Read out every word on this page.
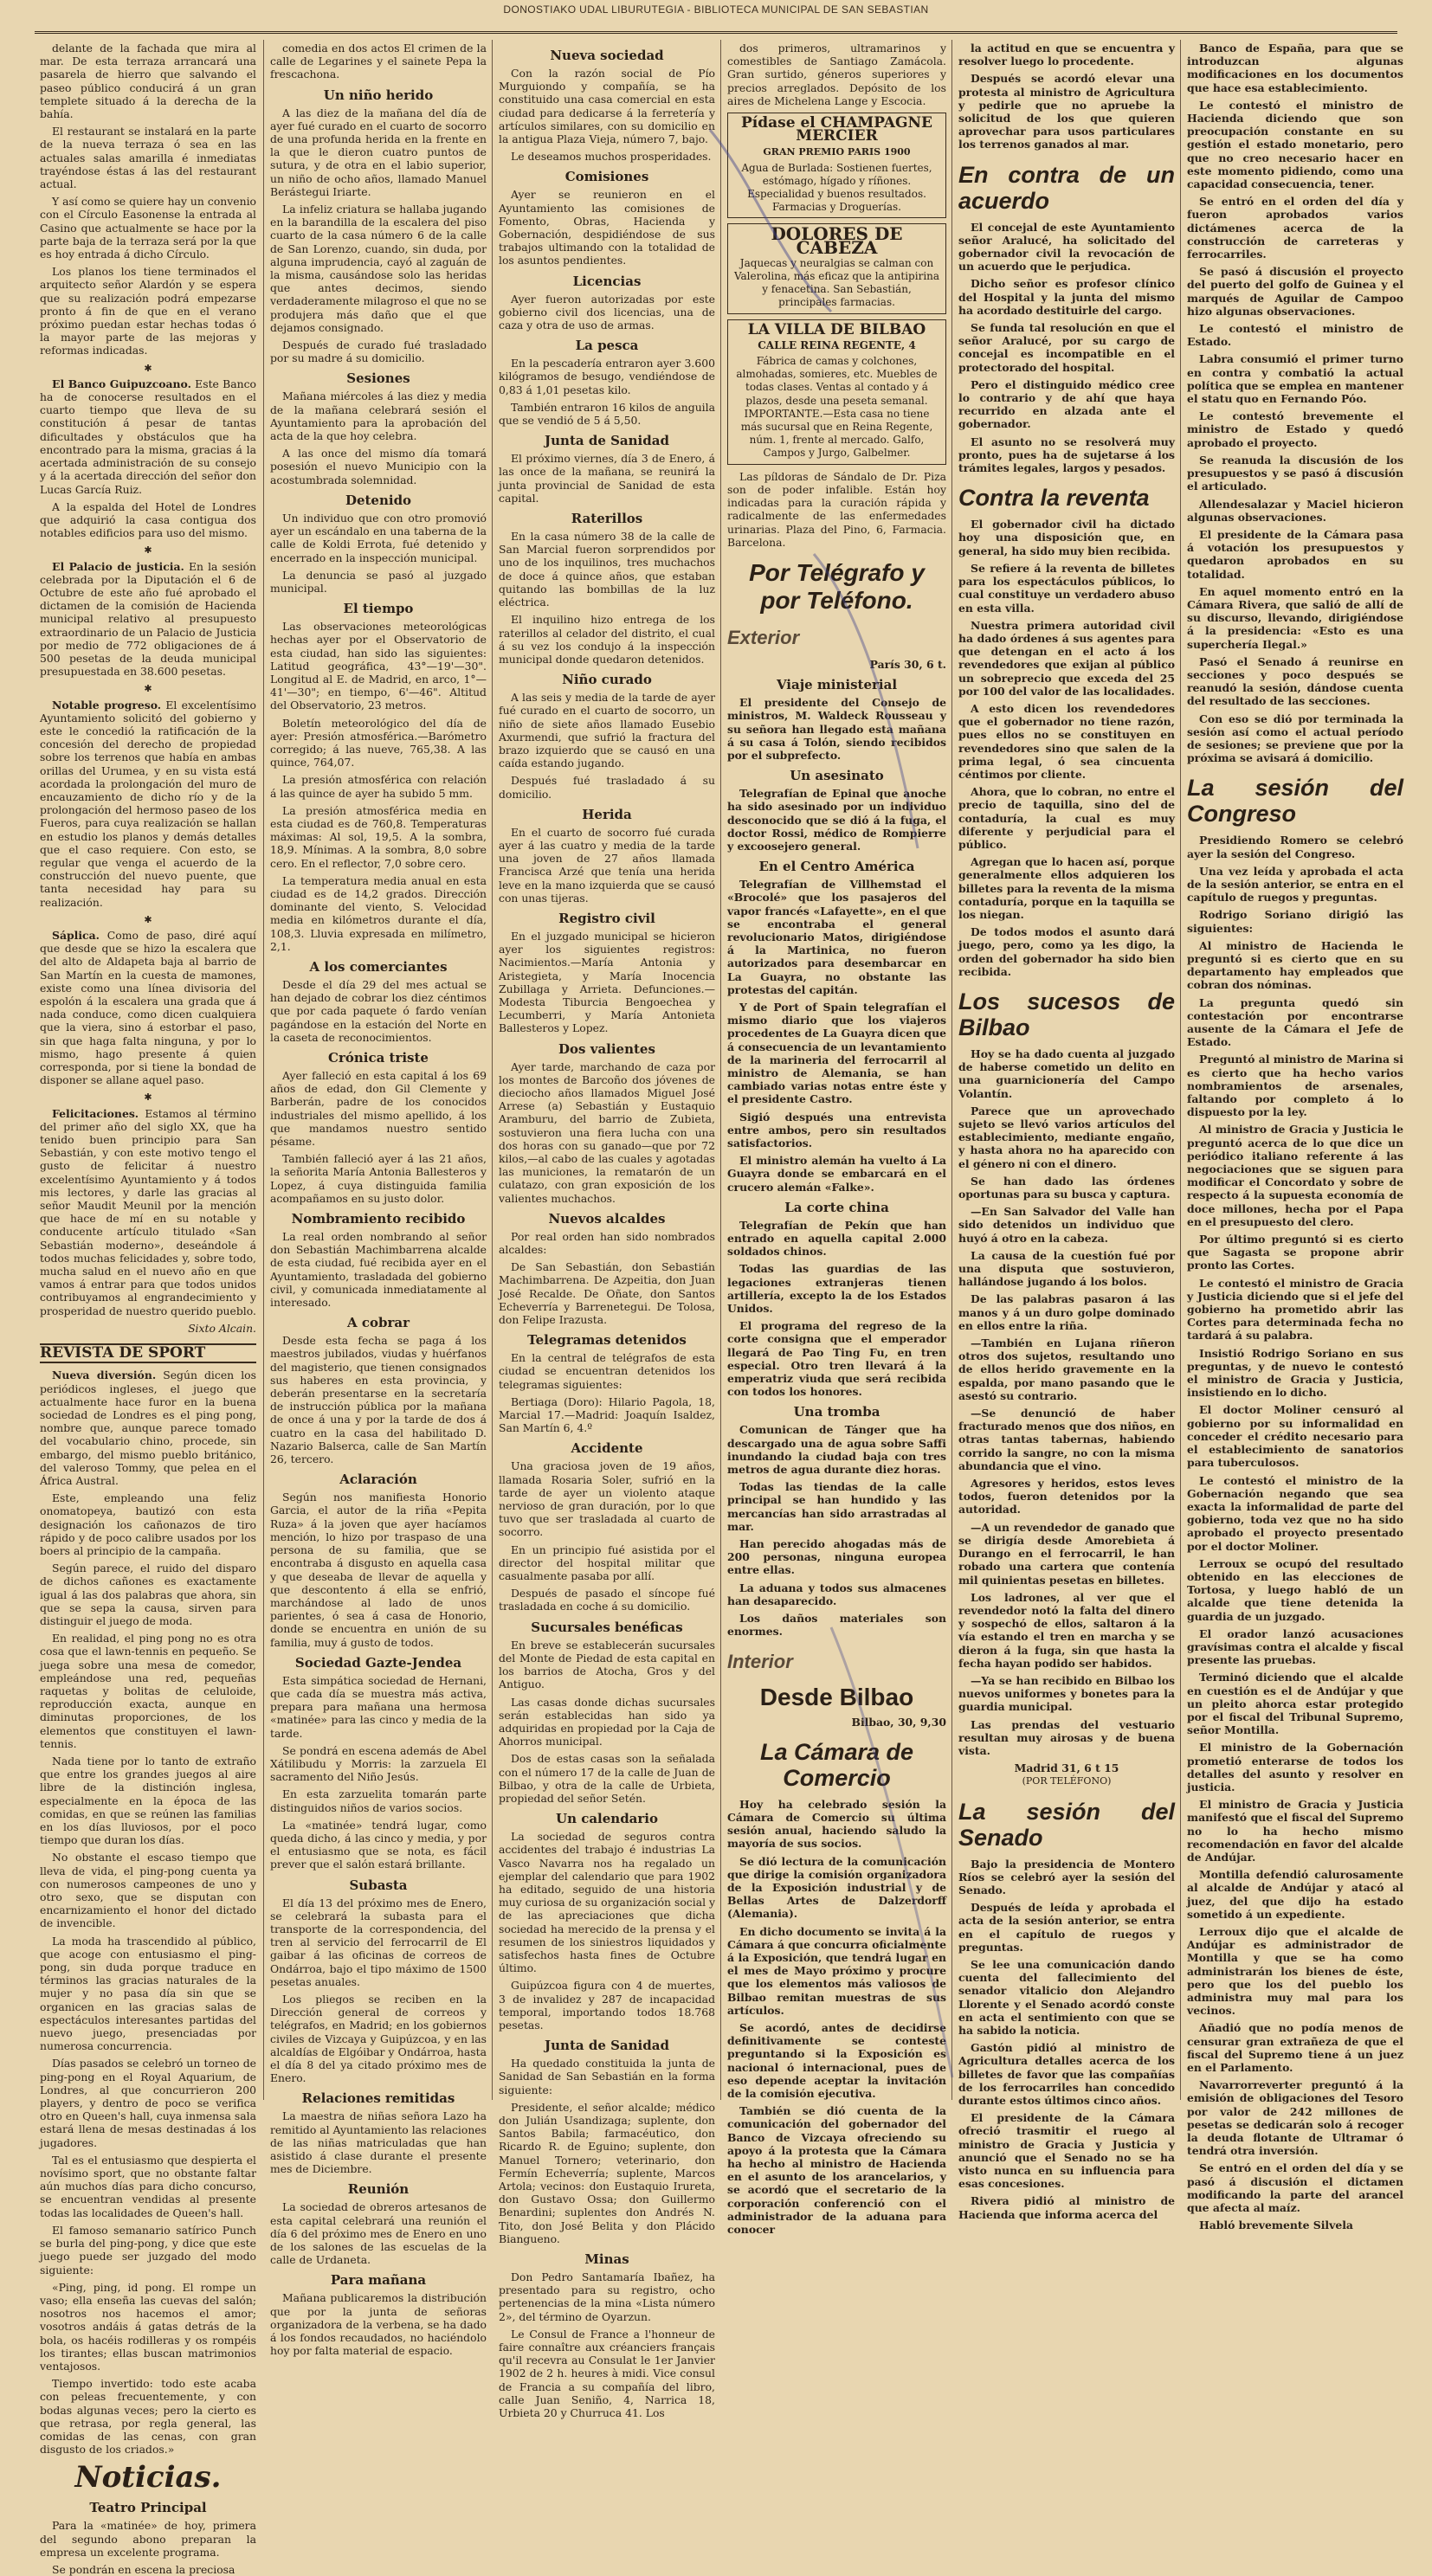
DONOSTIAKO UDAL LIBURUTEGIA - BIBLIOTECA MUNICIPAL DE SAN SEBASTIAN

delante de la fachada que mira al mar. De esta terraza arrancará una pasarela de hierro que salvando el paseo público conducirá á un gran templete situado á la derecha de la bahía.

El restaurant se instalará en la parte de la nueva terraza ó sea en las actuales salas amarilla é inmediatas trayéndose éstas á las del restaurant actual.

Y así como se quiere hay un convenio con el Círculo Easonense la entrada al Casino que actualmente se hace por la parte baja de la terraza será por la que es hoy entrada á dicho Círculo.

Los planos los tiene terminados el arquitecto señor Alardón y se espera que su realización podrá empezarse pronto á fin de que en el verano próximo puedan estar hechas todas ó la mayor parte de las mejoras y reformas indicadas.

✱

El Banco Guipuzcoano. Este Banco ha de conocerse resultados en el cuarto tiempo que lleva de su constitución á pesar de tantas dificultades y obstáculos que ha encontrado para la misma, gracias á la acertada administración de su consejo y á la acertada dirección del señor don Lucas García Ruiz.

A la espalda del Hotel de Londres que adquirió la casa contigua dos notables edificios para uso del mismo.

✱

El Palacio de justicia. En la sesión celebrada por la Diputación el 6 de Octubre de este año fué aprobado el dictamen de la comisión de Hacienda municipal relativo al presupuesto extraordinario de un Palacio de Justicia por medio de 772 obligaciones de á 500 pesetas de la deuda municipal presupuestada en 38.600 pesetas.

✱

Notable progreso. El excelentísimo Ayuntamiento solicitó del gobierno y este le concedió la ratificación de la concesión del derecho de propiedad sobre los terrenos que había en ambas orillas del Urumea, y en su vista está acordada la prolongación del muro de encauzamiento de dicho río y de la prolongación del hermoso paseo de los Fueros, para cuya realización se hallan en estudio los planos y demás detalles que el caso requiere. Con esto, se regular que venga el acuerdo de la construcción del nuevo puente, que tanta necesidad hay para su realización.

✱

Sáplica. Como de paso, diré aquí que desde que se hizo la escalera que del alto de Aldapeta baja al barrio de San Martín en la cuesta de mamones, existe como una línea divisoria del espolón á la escalera una grada que á nada conduce, como dicen cualquiera que la viera, sino á estorbar el paso, sin que haga falta ninguna, y por lo mismo, hago presente á quien corresponda, por si tiene la bondad de disponer se allane aquel paso.

✱

Felicitaciones. Estamos al término del primer año del siglo XX, que ha tenido buen principio para San Sebastián, y con este motivo tengo el gusto de felicitar á nuestro excelentísimo Ayuntamiento y á todos mis lectores, y darle las gracias al señor Maudit Meunil por la mención que hace de mí en su notable y conducente artículo titulado «San Sebastián moderno», deseándole á todos muchas felicidades y, sobre todo, mucha salud en el nuevo año en que vamos á entrar para que todos unidos contribuyamos al engrandecimiento y prosperidad de nuestro querido pueblo.

Sixto Alcain.
REVISTA DE SPORT

Nueva diversión. Según dicen los periódicos ingleses, el juego que actualmente hace furor en la buena sociedad de Londres es el ping pong, nombre que, aunque parece tomado del vocabulario chino, procede, sin embargo, del mismo pueblo británico, del valeroso Tommy, que pelea en el África Austral.

Este, empleando una feliz onomatopeya, bautizó con esta designación los cañonazos de tiro rápido y de poco calibre usados por los boers al principio de la campaña.

Según parece, el ruido del disparo de dichos cañones es exactamente igual á las dos palabras que ahora, sin que se sepa la causa, sirven para distinguir el juego de moda.

En realidad, el ping pong no es otra cosa que el lawn-tennis en pequeño. Se juega sobre una mesa de comedor, empleándose una red, pequeñas raquetas y bolitas de celuloide, reproducción exacta, aunque en diminutas proporciones, de los elementos que constituyen el lawn-tennis.

Nada tiene por lo tanto de extraño que entre los grandes juegos al aire libre de la distinción inglesa, especialmente en la época de las comidas, en que se reúnen las familias en los días lluviosos, por el poco tiempo que duran los días.

No obstante el escaso tiempo que lleva de vida, el ping-pong cuenta ya con numerosos campeones de uno y otro sexo, que se disputan con encarnizamiento el honor del dictado de invencible.

La moda ha trascendido al público, que acoge con entusiasmo el ping-pong, sin duda porque traduce en términos las gracias naturales de la mujer y no pasa día sin que se organicen en las gracias salas de espectáculos interesantes partidas del nuevo juego, presenciadas por numerosa concurrencia.

Días pasados se celebró un torneo de ping-pong en el Royal Aquarium, de Londres, al que concurrieron 200 players, y dentro de poco se verifica otro en Queen's hall, cuya inmensa sala estará llena de mesas destinadas á los jugadores.

Tal es el entusiasmo que despierta el novísimo sport, que no obstante faltar aún muchos días para dicho concurso, se encuentran vendidas al presente todas las localidades de Queen's hall.

El famoso semanario satírico Punch se burla del ping-pong, y dice que este juego puede ser juzgado del modo siguiente:

«Ping, ping, id pong. El rompe un vaso; ella enseña las cuevas del salón; nosotros nos hacemos el amor; vosotros andáis á gatas detrás de la bola, os hacéis rodilleras y os rompéis los tirantes; ellas buscan matrimonios ventajosos.

Tiempo invertido: todo este acaba con peleas frecuentemente, y con bodas algunas veces; pero la cierto es que retrasa, por regla general, las comidas de las cenas, con gran disgusto de los criados.»

Noticias.
Teatro Principal

Para la «matinée» de hoy, primera del segundo abono preparan la empresa un excelente programa.

Se pondrán en escena la preciosa

comedia en dos actos El crimen de la calle de Legarines y el sainete Pepa la frescachona.

Un niño herido

A las diez de la mañana del día de ayer fué curado en el cuarto de socorro de una profunda herida en la frente en la que le dieron cuatro puntos de sutura, y de otra en el labio superior, un niño de ocho años, llamado Manuel Berástegui Iriarte.

La infeliz criatura se hallaba jugando en la barandilla de la escalera del piso cuarto de la casa número 6 de la calle de San Lorenzo, cuando, sin duda, por alguna imprudencia, cayó al zaguán de la misma, causándose solo las heridas que antes decimos, siendo verdaderamente milagroso el que no se produjera más daño que el que dejamos consignado.

Después de curado fué trasladado por su madre á su domicilio.

Sesiones

Mañana miércoles á las diez y media de la mañana celebrará sesión el Ayuntamiento para la aprobación del acta de la que hoy celebra.

A las once del mismo día tomará posesión el nuevo Municipio con la acostumbrada solemnidad.

Detenido

Un individuo que con otro promovió ayer un escándalo en una taberna de la calle de Koldi Errota, fué detenido y encerrado en la inspección municipal.

La denuncia se pasó al juzgado municipal.

El tiempo

Las observaciones meteorológicas hechas ayer por el Observatorio de esta ciudad, han sido las siguientes: Latitud geográfica, 43°—19'—30". Longitud al E. de Madrid, en arco, 1°—41'—30"; en tiempo, 6'—46". Altitud del Observatorio, 23 metros.

Boletín meteorológico del día de ayer: Presión atmosférica.—Barómetro corregido; á las nueve, 765,38. A las quince, 764,07.

La presión atmosférica con relación á las quince de ayer ha subido 5 mm.

La presión atmosférica media en esta ciudad es de 760,8. Temperaturas máximas: Al sol, 19,5. A la sombra, 18,9. Mínimas. A la sombra, 8,0 sobre cero. En el reflector, 7,0 sobre cero.

La temperatura media anual en esta ciudad es de 14,2 grados. Dirección dominante del viento, S. Velocidad media en kilómetros durante el día, 108,3. Lluvia expresada en milímetro, 2,1.

A los comerciantes

Desde el día 29 del mes actual se han dejado de cobrar los diez céntimos que por cada paquete ó fardo venían pagándose en la estación del Norte en la caseta de reconocimientos.

Crónica triste

Ayer falleció en esta capital á los 69 años de edad, don Gil Clemente y Barberán, padre de los conocidos industriales del mismo apellido, á los que mandamos nuestro sentido pésame.

También falleció ayer á las 21 años, la señorita María Antonia Ballesteros y Lopez, á cuya distinguida familia acompañamos en su justo dolor.

Nombramiento recibido

La real orden nombrando al señor don Sebastián Machimbarrena alcalde de esta ciudad, fué recibida ayer en el Ayuntamiento, trasladada del gobierno civil, y comunicada inmediatamente al interesado.

A cobrar

Desde esta fecha se paga á los maestros jubilados, viudas y huérfanos del magisterio, que tienen consignados sus haberes en esta provincia, y deberán presentarse en la secretaría de instrucción pública por la mañana de once á una y por la tarde de dos á cuatro en la casa del habilitado D. Nazario Balserca, calle de San Martín 26, tercero.

Aclaración

Según nos manifiesta Honorio Garcia, el autor de la riña «Pepita Ruza» á la joven que ayer hacíamos mención, lo hizo por traspaso de una persona de su familia, que se encontraba á disgusto en aquella casa y que deseaba de llevar de aquella y que descontento á ella se enfrió, marchándose al lado de unos parientes, ó sea á casa de Honorio, donde se encuentra en unión de su familia, muy á gusto de todos.

Sociedad Gazte-Jendea

Esta simpática sociedad de Hernani, que cada día se muestra más activa, prepara para mañana una hermosa «matinée» para las cinco y media de la tarde.

Se pondrá en escena además de Abel Xátilibudu y Morris: la zarzuela El sacramento del Niño Jesús.

En esta zarzuelita tomarán parte distinguidos niños de varios socios.

La «matinée» tendrá lugar, como queda dicho, á las cinco y media, y por el entusiasmo que se nota, es fácil prever que el salón estará brillante.

Subasta

El día 13 del próximo mes de Enero, se celebrará la subasta para el transporte de la correspondencia, del tren al servicio del ferrocarril de El gaibar á las oficinas de correos de Ondárroa, bajo el tipo máximo de 1500 pesetas anuales.

Los pliegos se reciben en la Dirección general de correos y telégrafos, en Madrid; en los gobiernos civiles de Vizcaya y Guipúzcoa, y en las alcaldías de Elgóibar y Ondárroa, hasta el día 8 del ya citado próximo mes de Enero.

Relaciones remitidas

La maestra de niñas señora Lazo ha remitido al Ayuntamiento las relaciones de las niñas matriculadas que han asistido á clase durante el presente mes de Diciembre.

Reunión

La sociedad de obreros artesanos de esta capital celebrará una reunión el día 6 del próximo mes de Enero en uno de los salones de las escuelas de la calle de Urdaneta.

Para mañana

Mañana publicaremos la distribución que por la junta de señoras organizadora de la verbena, se ha dado á los fondos recaudados, no haciéndolo hoy por falta material de espacio.

Nueva sociedad

Con la razón social de Pío Murguiondo y compañía, se ha constituido una casa comercial en esta ciudad para dedicarse á la ferretería y artículos similares, con su domicilio en la antigua Plaza Vieja, número 7, bajo.

Le deseamos muchos prosperidades.

Comisiones

Ayer se reunieron en el Ayuntamiento las comisiones de Fomento, Obras, Hacienda y Gobernación, despidiéndose de sus trabajos ultimando con la totalidad de los asuntos pendientes.

Licencias

Ayer fueron autorizadas por este gobierno civil dos licencias, una de caza y otra de uso de armas.

La pesca

En la pescadería entraron ayer 3.600 kilógramos de besugo, vendiéndose de 0,83 á 1,01 pesetas kilo.

También entraron 16 kilos de anguila que se vendió de 5 á 5,50.

Junta de Sanidad

El próximo viernes, día 3 de Enero, á las once de la mañana, se reunirá la junta provincial de Sanidad de esta capital.

Raterillos

En la casa número 38 de la calle de San Marcial fueron sorprendidos por uno de los inquilinos, tres muchachos de doce á quince años, que estaban quitando las bombillas de la luz eléctrica.

El inquilino hizo entrega de los raterillos al celador del distrito, el cual á su vez los condujo á la inspección municipal donde quedaron detenidos.

Niño curado

A las seis y media de la tarde de ayer fué curado en el cuarto de socorro, un niño de siete años llamado Eusebio Axurmendi, que sufrió la fractura del brazo izquierdo que se causó en una caída estando jugando.

Después fué trasladado á su domicilio.

Herida

En el cuarto de socorro fué curada ayer á las cuatro y media de la tarde una joven de 27 años llamada Francisca Arzé que tenía una herida leve en la mano izquierda que se causó con unas tijeras.

Registro civil

En el juzgado municipal se hicieron ayer los siguientes registros: Nacimientos.—María Antonia y Aristegieta, y María Inocencia Zubillaga y Arrieta. Defunciones.—Modesta Tiburcia Bengoechea y Lecumberri, y María Antonieta Ballesteros y Lopez.

Dos valientes

Ayer tarde, marchando de caza por los montes de Barcoño dos jóvenes de dieciocho años llamados Miguel José Arrese (a) Sebastián y Eustaquio Aramburu, del barrio de Zubieta, sostuvieron una fiera lucha con una dos horas con su ganado—que por 72 kilos,—al cabo de las cuales y agotadas las municiones, la rematarón de un culatazo, con gran exposición de los valientes muchachos.

Nuevos alcaldes

Por real orden han sido nombrados alcaldes:

De San Sebastián, don Sebastián Machimbarrena. De Azpeitia, don Juan José Recalde. De Oñate, don Santos Echeverría y Barrenetegui. De Tolosa, don Felipe Irazusta.

Telegramas detenidos

En la central de telégrafos de esta ciudad se encuentran detenidos los telegramas siguientes:

Bertiaga (Doro): Hilario Pagola, 18, Marcial 17.—Madrid: Joaquín Isaldez, San Martín 6, 4.º

Accidente

Una graciosa joven de 19 años, llamada Rosaria Soler, sufrió en la tarde de ayer un violento ataque nervioso de gran duración, por lo que tuvo que ser trasladada al cuarto de socorro.

En un principio fué asistida por el director del hospital militar que casualmente pasaba por allí.

Después de pasado el síncope fué trasladada en coche á su domicilio.

Sucursales benéficas

En breve se establecerán sucursales del Monte de Piedad de esta capital en los barrios de Atocha, Gros y del Antiguo.

Las casas donde dichas sucursales serán establecidas han sido ya adquiridas en propiedad por la Caja de Ahorros municipal.

Dos de estas casas son la señalada con el número 17 de la calle de Juan de Bilbao, y otra de la calle de Urbieta, propiedad del señor Setén.

Un calendario

La sociedad de seguros contra accidentes del trabajo é industrias La Vasco Navarra nos ha regalado un ejemplar del calendario que para 1902 ha editado, seguido de una historia muy curiosa de su organización social y de las apreciaciones que dicha sociedad ha merecido de la prensa y el resumen de los siniestros liquidados y satisfechos hasta fines de Octubre último.

Guipúzcoa figura con 4 de muertes, 3 de invalidez y 287 de incapacidad temporal, importando todos 18.768 pesetas.

Junta de Sanidad

Ha quedado constituida la junta de Sanidad de San Sebastián en la forma siguiente:

Presidente, el señor alcalde; médico don Julián Usandizaga; suplente, don Santos Babila; farmacéutico, don Ricardo R. de Eguino; suplente, don Manuel Tornero; veterinario, don Fermín Echeverría; suplente, Marcos Artola; vecinos: don Eustaquio Irureta, don Gustavo Ossa; don Guillermo Benardini; suplentes don Andrés N. Tito, don José Belita y don Plácido Biangueno.

Minas

Don Pedro Santamaría Ibañez, ha presentado para su registro, ocho pertenencias de la mina «Lista número 2», del término de Oyarzun.

Le Consul de France a l'honneur de faire connaître aux créanciers français qu'il recevra au Consulat le 1er Janvier 1902 de 2 h. heures à midi. Vice consul de Francia a su compañía del libro, calle Juan Seniño, 4, Narrica 18, Urbieta 20 y Churruca 41. Los

dos primeros, ultramarinos y comestibles de Santiago Zamácola. Gran surtido, géneros superiores y precios arreglados. Depósito de los aires de Michelena Lange y Escocia.

Pídase el CHAMPAGNE MERCIER
GRAN PREMIO PARIS 1900
Agua de Burlada: Sostienen fuertes, estómago, hígado y ríñones. Especialidad y buenos resultados. Farmacias y Droguerías.
DOLORES DE CABEZA
Jaquecas y neuralgias se calman con Valerolina, más eficaz que la antipirina y fenacetina. San Sebastián, principales farmacias.
LA VILLA DE BILBAO
CALLE REINA REGENTE, 4
Fábrica de camas y colchones, almohadas, somieres, etc. Muebles de todas clases. Ventas al contado y á plazos, desde una peseta semanal. IMPORTANTE.—Esta casa no tiene más sucursal que en Reina Regente, núm. 1, frente al mercado. Galfo, Campos y Jurgo, Galbelmer.

Las píldoras de Sándalo de Dr. Piza son de poder infalible. Están hoy indicadas para la curación rápida y radicalmente de las enfermedades urinarias. Plaza del Pino, 6, Farmacia. Barcelona.

Por Telégrafo y por Teléfono.
Exterior
París 30, 6 t.
Viaje ministerial

El presidente del Consejo de ministros, M. Waldeck Rousseau y su señora han llegado esta mañana á su casa á Tolón, siendo recibidos por el subprefecto.

Un asesinato

Telegrafían de Epinal que anoche ha sido asesinado por un individuo desconocido que se dió á la fuga, el doctor Rossi, médico de Rompierre y excoosejero general.

En el Centro América

Telegrafían de Villhemstad el «Brocolé» que los pasajeros del vapor francés «Lafayette», en el que se encontraba el general revolucionario Matos, dirigiéndose á la Martinica, no fueron autorizados para desembarcar en La Guayra, no obstante las protestas del capitán.

Y de Port of Spain telegrafían el mismo diario que los viajeros procedentes de La Guayra dicen que á consecuencia de un levantamiento de la marineria del ferrocarril al ministro de Alemania, se han cambiado varias notas entre éste y el presidente Castro.

Sigió después una entrevista entre ambos, pero sin resultados satisfactorios.

El ministro alemán ha vuelto á La Guayra donde se embarcará en el crucero alemán «Falke».

La corte china

Telegrafían de Pekín que han entrado en aquella capital 2.000 soldados chinos.

Todas las guardias de las legaciones extranjeras tienen artillería, excepto la de los Estados Unidos.

El programa del regreso de la corte consigna que el emperador llegará de Pao Ting Fu, en tren especial. Otro tren llevará á la emperatriz viuda que será recibida con todos los honores.

Una tromba

Comunican de Tánger que ha descargado una de agua sobre Saffi inundando la ciudad baja con tres metros de agua durante diez horas.

Todas las tiendas de la calle principal se han hundido y las mercancías han sido arrastradas al mar.

Han perecido ahogadas más de 200 personas, ninguna europea entre ellas.

La aduana y todos sus almacenes han desaparecido.

Los daños materiales son enormes.

Interior
Desde Bilbao
Bilbao, 30, 9,30
La Cámara de Comercio

Hoy ha celebrado sesión la Cámara de Comercio su última sesión anual, haciendo saludo la mayoría de sus socios.

Se dió lectura de la comunicación que dirige la comisión organizadora de la Exposición industrial y de Bellas Artes de Dalzerdorff (Alemania).

En dicho documento se invita á la Cámara á que concurra oficialmente á la Exposición, que tendrá lugar en el mes de Mayo próximo y procure que los elementos más valiosos de Bilbao remitan muestras de sus artículos.

Se acordó, antes de decidirse definitivamente se conteste preguntando si la Exposición es nacional ó internacional, pues de eso depende aceptar la invitación de la comisión ejecutiva.

También se dió cuenta de la comunicación del gobernador del Banco de Vizcaya ofreciendo su apoyo á la protesta que la Cámara ha hecho al ministro de Hacienda en el asunto de los arancelarios, y se acordó que el secretario de la corporación conferenció con el administrador de la aduana para conocer

la actitud en que se encuentra y resolver luego lo procedente.

Después se acordó elevar una protesta al ministro de Agricultura y pedirle que no apruebe la solicitud de los que quieren aprovechar para usos particulares los terrenos ganados al mar.

En contra de un acuerdo

El concejal de este Ayuntamiento señor Aralucé, ha solicitado del gobernador civil la revocación de un acuerdo que le perjudica.

Dicho señor es profesor clínico del Hospital y la junta del mismo ha acordado destituirle del cargo.

Se funda tal resolución en que el señor Aralucé, por su cargo de concejal es incompatible en el protectorado del hospital.

Pero el distinguido médico cree lo contrario y de ahí que haya recurrido en alzada ante el gobernador.

El asunto no se resolverá muy pronto, pues ha de sujetarse á los trámites legales, largos y pesados.

Contra la reventa

El gobernador civil ha dictado hoy una disposición que, en general, ha sido muy bien recibida.

Se refiere á la reventa de billetes para los espectáculos públicos, lo cual constituye un verdadero abuso en esta villa.

Nuestra primera autoridad civil ha dado órdenes á sus agentes para que detengan en el acto á los revendedores que exijan al público un sobreprecio que exceda del 25 por 100 del valor de las localidades.

A esto dicen los revendedores que el gobernador no tiene razón, pues ellos no se constituyen en revendedores sino que salen de la prima legal, ó sea cincuenta céntimos por cliente.

Ahora, que lo cobran, no entre el precio de taquilla, sino del de contaduría, la cual es muy diferente y perjudicial para el público.

Agregan que lo hacen así, porque generalmente ellos adquieren los billetes para la reventa de la misma contaduría, porque en la taquilla se los niegan.

De todos modos el asunto dará juego, pero, como ya les digo, la orden del gobernador ha sido bien recibida.

Los sucesos de Bilbao

Hoy se ha dado cuenta al juzgado de haberse cometido un delito en una guarnicionería del Campo Volantín.

Parece que un aprovechado sujeto se llevó varios artículos del establecimiento, mediante engaño, y hasta ahora no ha aparecido con el género ni con el dinero.

Se han dado las órdenes oportunas para su busca y captura.

—En San Salvador del Valle han sido detenidos un individuo que huyó á otro en la cabeza.

La causa de la cuestión fué por una disputa que sostuvieron, hallándose jugando á los bolos.

De las palabras pasaron á las manos y á un duro golpe dominado en ellos entre la riña.

—También en Lujana riñeron otros dos sujetos, resultando uno de ellos herido gravemente en la espalda, por mano pasando que le asestó su contrario.

—Se denunció de haber fracturado menos que dos niños, en otras tantas tabernas, habiendo corrido la sangre, no con la misma abundancia que el vino.

Agresores y heridos, estos leves todos, fueron detenidos por la autoridad.

—A un revendedor de ganado que se dirigía desde Amorebieta á Durango en el ferrocarril, le han robado una cartera que contenía mil quinientas pesetas en billetes.

Los ladrones, al ver que el revendedor notó la falta del dinero y sospechó de ellos, saltaron á la vía estando el tren en marcha y se dieron á la fuga, sin que hasta la fecha hayan podido ser habidos.

—Ya se han recibido en Bilbao los nuevos uniformes y bonetes para la guardia municipal.

Las prendas del vestuario resultan muy airosas y de buena vista.

Madrid 31, 6 t 15
(POR TELÉFONO)
La sesión del Senado

Bajo la presidencia de Montero Ríos se celebró ayer la sesión del Senado.

Después de leída y aprobada el acta de la sesión anterior, se entra en el capítulo de ruegos y preguntas.

Se lee una comunicación dando cuenta del fallecimiento del senador vitalicio don Alejandro Llorente y el Senado acordó conste en acta el sentimiento con que se ha sabido la noticia.

Gastón pidió al ministro de Agricultura detalles acerca de los billetes de favor que las compañías de los ferrocarriles han concedido durante estos últimos cinco años.

El presidente de la Cámara ofreció trasmitir el ruego al ministro de Gracia y Justicia y anunció que el Senado no se ha visto nunca en su influencia para esas concesiones.

Rivera pidió al ministro de Hacienda que informa acerca del

Banco de España, para que se introduzcan algunas modificaciones en los documentos que hace esa establecimiento.

Le contestó el ministro de Hacienda diciendo que son preocupación constante en su gestión el estado monetario, pero que no creo necesario hacer en este momento pidiendo, como una capacidad consecuencia, tener.

Se entró en el orden del día y fueron aprobados varios dictámenes acerca de la construcción de carreteras y ferrocarriles.

Se pasó á discusión el proyecto del puerto del golfo de Guinea y el marqués de Aguilar de Campoo hizo algunas observaciones.

Le contestó el ministro de Estado.

Labra consumió el primer turno en contra y combatió la actual política que se emplea en mantener el statu quo en Fernando Póo.

Le contestó brevemente el ministro de Estado y quedó aprobado el proyecto.

Se reanuda la discusión de los presupuestos y se pasó á discusión el articulado.

Allendesalazar y Maciel hicieron algunas observaciones.

El presidente de la Cámara pasa á votación los presupuestos y quedaron aprobados en su totalidad.

En aquel momento entró en la Cámara Rivera, que salió de allí de su discurso, llevando, dirigiéndose á la presidencia: «Esto es una superchería Ilegal.»

Pasó el Senado á reunirse en secciones y poco después se reanudó la sesión, dándose cuenta del resultado de las secciones.

Con eso se dió por terminada la sesión así como el actual período de sesiones; se previene que por la próxima se avisará á domicilio.

La sesión del Congreso

Presidiendo Romero se celebró ayer la sesión del Congreso.

Una vez leída y aprobada el acta de la sesión anterior, se entra en el capítulo de ruegos y preguntas.

Rodrigo Soriano dirigió las siguientes:

Al ministro de Hacienda le preguntó si es cierto que en su departamento hay empleados que cobran dos nóminas.

La pregunta quedó sin contestación por encontrarse ausente de la Cámara el Jefe de Estado.

Preguntó al ministro de Marina si es cierto que ha hecho varios nombramientos de arsenales, faltando por completo á lo dispuesto por la ley.

Al ministro de Gracia y Justicia le preguntó acerca de lo que dice un periódico italiano referente á las negociaciones que se siguen para modificar el Concordato y sobre de respecto á la supuesta economía de doce millones, hecha por el Papa en el presupuesto del clero.

Por último preguntó si es cierto que Sagasta se propone abrir pronto las Cortes.

Le contestó el ministro de Gracia y Justicia diciendo que si el jefe del gobierno ha prometido abrir las Cortes para determinada fecha no tardará á su palabra.

Insistió Rodrigo Soriano en sus preguntas, y de nuevo le contestó el ministro de Gracia y Justicia, insistiendo en lo dicho.

El doctor Moliner censuró al gobierno por su informalidad en conceder el crédito necesario para el establecimiento de sanatorios para tuberculosos.

Le contestó el ministro de la Gobernación negando que sea exacta la informalidad de parte del gobierno, toda vez que no ha sido aprobado el proyecto presentado por el doctor Moliner.

Lerroux se ocupó del resultado obtenido en las elecciones de Tortosa, y luego habló de un alcalde que tiene detenida la guardia de un juzgado.

El orador lanzó acusaciones gravísimas contra el alcalde y fiscal presente las pruebas.

Terminó diciendo que el alcalde en cuestión es el de Andújar y que un pleito ahorca estar protegido por el fiscal del Tribunal Supremo, señor Montilla.

El ministro de la Gobernación prometió enterarse de todos los detalles del asunto y resolver en justicia.

El ministro de Gracia y Justicia manifestó que el fiscal del Supremo no lo ha hecho mismo recomendación en favor del alcalde de Andújar.

Montilla defendió calurosamente al alcalde de Andújar y atacó al juez, del que dijo ha estado sometido á un expediente.

Lerroux dijo que el alcalde de Andújar es administrador de Montilla y que se ha como administrarán los bienes de éste, pero que los del pueblo los administra muy mal para los vecinos.

Añadió que no podía menos de censurar gran extrañeza de que el fiscal del Supremo tiene á un juez en el Parlamento.

Navarrorreverter preguntó á la emisión de obligaciones del Tesoro por valor de 242 millones de pesetas se dedicarán solo á recoger la deuda flotante de Ultramar ó tendrá otra inversión.

Se entró en el orden del día y se pasó á discusión el dictamen modificando la parte del arancel que afecta al maíz.

Habló brevemente Silvela
